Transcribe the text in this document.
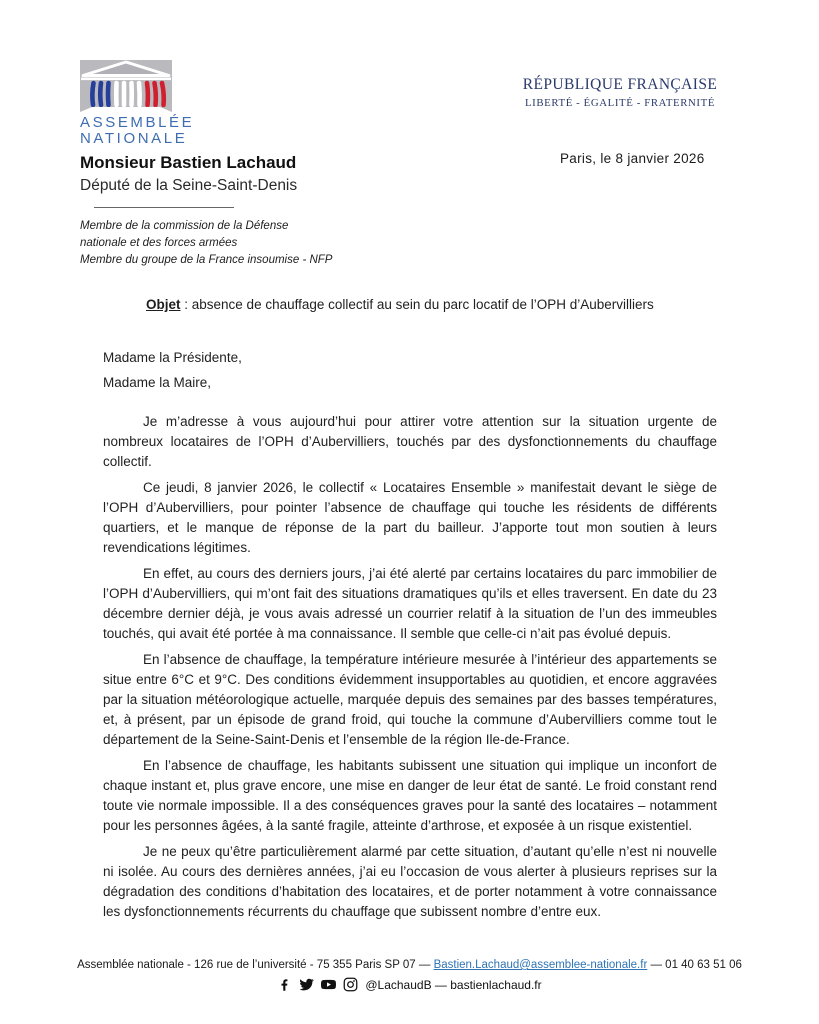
ASSEMBLÉE
NATIONALE
Monsieur Bastien Lachaud
Député de la Seine-Saint-Denis
Membre de la commission de la Défense
nationale et des forces armées
Membre du groupe de la France insoumise - NFP
RÉPUBLIQUE FRANÇAISE
LIBERTÉ - ÉGALITÉ - FRATERNITÉ
Paris, le 8 janvier 2026

Objet : absence de chauffage collectif au sein du parc locatif de l’OPH d’Aubervilliers

Madame la Présidente,

Madame la Maire,

Je m’adresse à vous aujourd’hui pour attirer votre attention sur la situation urgente de nombreux locataires de l’OPH d’Aubervilliers, touchés par des dysfonctionnements du chauffage collectif.

Ce jeudi, 8 janvier 2026, le collectif « Locataires Ensemble » manifestait devant le siège de l’OPH d’Aubervilliers, pour pointer l’absence de chauffage qui touche les résidents de différents quartiers, et le manque de réponse de la part du bailleur. J’apporte tout mon soutien à leurs revendications légitimes.

En effet, au cours des derniers jours, j’ai été alerté par certains locataires du parc immobilier de l’OPH d’Aubervilliers, qui m’ont fait des situations dramatiques qu’ils et elles traversent. En date du 23 décembre dernier déjà, je vous avais adressé un courrier relatif à la situation de l’un des immeubles touchés, qui avait été portée à ma connaissance. Il semble que celle-ci n’ait pas évolué depuis.

En l’absence de chauffage, la température intérieure mesurée à l’intérieur des appartements se situe entre 6°C et 9°C. Des conditions évidemment insupportables au quotidien, et encore aggravées par la situation météorologique actuelle, marquée depuis des semaines par des basses températures, et, à présent, par un épisode de grand froid, qui touche la commune d’Aubervilliers comme tout le département de la Seine-Saint-Denis et l’ensemble de la région Ile-de-France.

En l’absence de chauffage, les habitants subissent une situation qui implique un inconfort de chaque instant et, plus grave encore, une mise en danger de leur état de santé. Le froid constant rend toute vie normale impossible. Il a des conséquences graves pour la santé des locataires – notamment pour les personnes âgées, à la santé fragile, atteinte d’arthrose, et exposée à un risque existentiel.

Je ne peux qu’être particulièrement alarmé par cette situation, d’autant qu’elle n’est ni nouvelle ni isolée. Au cours des dernières années, j’ai eu l’occasion de vous alerter à plusieurs reprises sur la dégradation des conditions d’habitation des locataires, et de porter notamment à votre connaissance les dysfonctionnements récurrents du chauffage que subissent nombre d’entre eux.

Assemblée nationale - 126 rue de l’université - 75 355 Paris SP 07 — Bastien.Lachaud@assemblee-nationale.fr — 01 40 63 51 06
@LachaudB — bastienlachaud.fr
